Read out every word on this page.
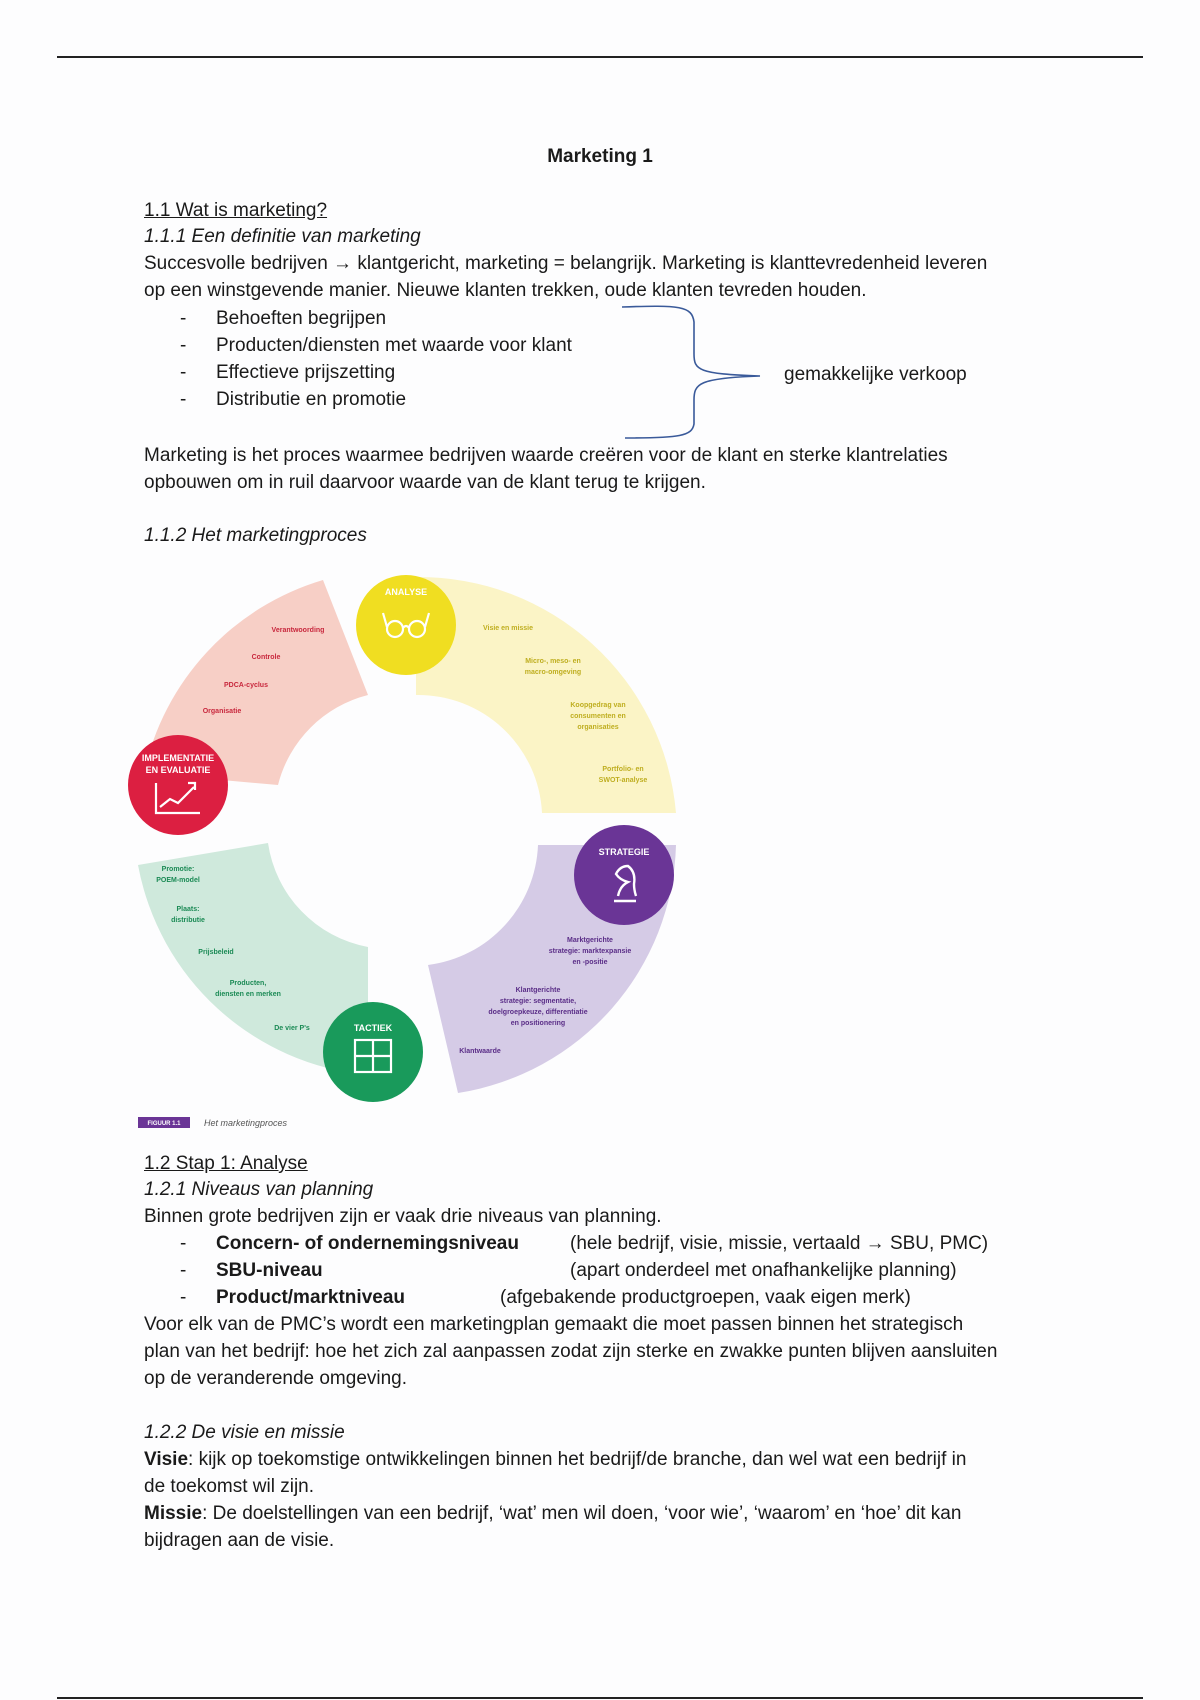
Marketing 1
1.1 Wat is marketing?
1.1.1 Een definitie van marketing
Succesvolle bedrijven → klantgericht, marketing = belangrijk. Marketing is klanttevredenheid leveren
op een winstgevende manier. Nieuwe klanten trekken, oude klanten tevreden houden.
- Behoeften begrijpen
- Producten/diensten met waarde voor klant
- Effectieve prijszetting
- Distributie en promotie
gemakkelijke verkoop
Marketing is het proces waarmee bedrijven waarde creëren voor de klant en sterke klantrelaties
opbouwen om in ruil daarvoor waarde van de klant terug te krijgen.
1.1.2 Het marketingproces
ANALYSE
Visie en missie
Micro-, meso- en
macro-omgeving
Koopgedrag van
consumenten en
organisaties
Portfolio- en
SWOT-analyse
STRATEGIE
Marktgerichte
strategie: marktexpansie
en -positie
Klantgerichte
strategie: segmentatie,
doelgroepkeuze, differentiatie
en positionering
Klantwaarde
TACTIEK
Promotie:
POEM-model
Plaats:
distributie
Prijsbeleid
Producten,
diensten en merken
De vier P's
IMPLEMENTATIE
EN EVALUATIE
Verantwoording
Controle
PDCA-cyclus
Organisatie
FIGUUR 1.1	Het marketingproces
1.2 Stap 1: Analyse
1.2.1 Niveaus van planning
Binnen grote bedrijven zijn er vaak drie niveaus van planning.
- Concern- of ondernemingsniveau	(hele bedrijf, visie, missie, vertaald → SBU, PMC)
- SBU-niveau	(apart onderdeel met onafhankelijke planning)
- Product/marktniveau	(afgebakende productgroepen, vaak eigen merk)
Voor elk van de PMC’s wordt een marketingplan gemaakt die moet passen binnen het strategisch
plan van het bedrijf: hoe het zich zal aanpassen zodat zijn sterke en zwakke punten blijven aansluiten
op de veranderende omgeving.
1.2.2 De visie en missie
Visie: kijk op toekomstige ontwikkelingen binnen het bedrijf/de branche, dan wel wat een bedrijf in
de toekomst wil zijn.
Missie: De doelstellingen van een bedrijf, ‘wat’ men wil doen, ‘voor wie’, ‘waarom’ en ‘hoe’ dit kan
bijdragen aan de visie.
